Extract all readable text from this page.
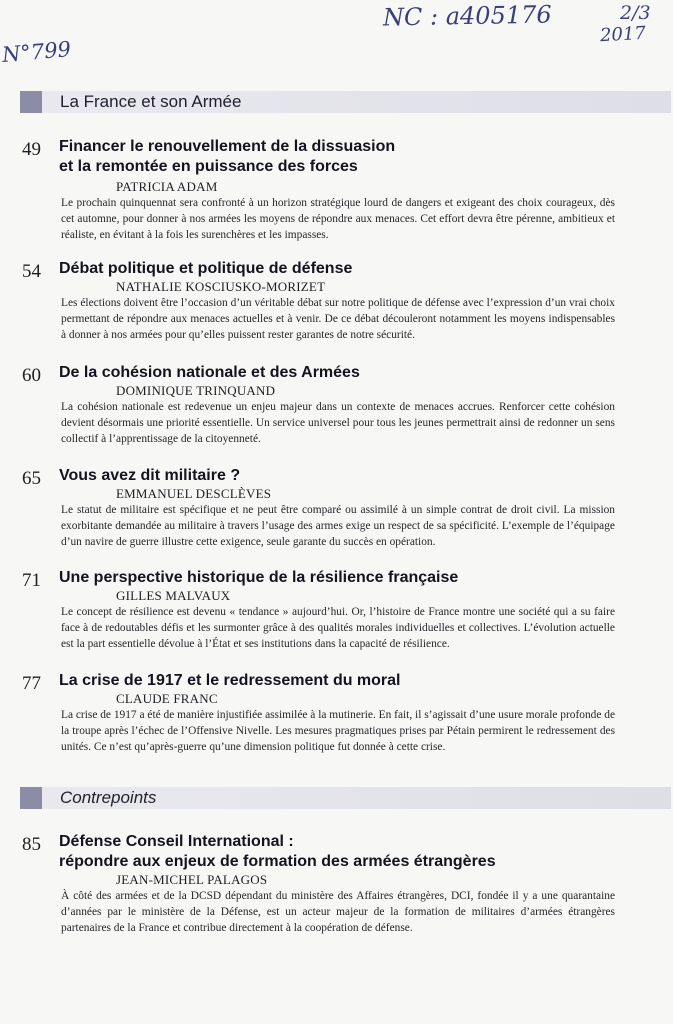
N°799
NC : a405176	2/3
2017
La France et son Armée
49 Financer le renouvellement de la dissuasion
et la remontée en puissance des forces
PATRICIA ADAM
Le prochain quinquennat sera confronté à un horizon stratégique lourd de dangers et exigeant des choix courageux, dès cet automne, pour donner à nos armées les moyens de répondre aux menaces. Cet effort devra être pérenne, ambitieux et réaliste, en évitant à la fois les surenchères et les impasses.
54 Débat politique et politique de défense
NATHALIE KOSCIUSKO-MORIZET
Les élections doivent être l’occasion d’un véritable débat sur notre politique de défense avec l’expression d’un vrai choix permettant de répondre aux menaces actuelles et à venir. De ce débat découleront notamment les moyens indispensables à donner à nos armées pour qu’elles puissent rester garantes de notre sécurité.
60 De la cohésion nationale et des Armées
DOMINIQUE TRINQUAND
La cohésion nationale est redevenue un enjeu majeur dans un contexte de menaces accrues. Renforcer cette cohésion devient désormais une priorité essentielle. Un service universel pour tous les jeunes permettrait ainsi de redonner un sens collectif à l’apprentissage de la citoyenneté.
65 Vous avez dit militaire ?
EMMANUEL DESCLÈVES
Le statut de militaire est spécifique et ne peut être comparé ou assimilé à un simple contrat de droit civil. La mission exorbitante demandée au militaire à travers l’usage des armes exige un respect de sa spécificité. L’exemple de l’équipage d’un navire de guerre illustre cette exigence, seule garante du succès en opération.
71 Une perspective historique de la résilience française
GILLES MALVAUX
Le concept de résilience est devenu « tendance » aujourd’hui. Or, l’histoire de France montre une société qui a su faire face à de redoutables défis et les surmonter grâce à des qualités morales individuelles et collectives. L’évolution actuelle est la part essentielle dévolue à l’État et ses institutions dans la capacité de résilience.
77 La crise de 1917 et le redressement du moral
CLAUDE FRANC
La crise de 1917 a été de manière injustifiée assimilée à la mutinerie. En fait, il s’agissait d’une usure morale profonde de la troupe après l’échec de l’Offensive Nivelle. Les mesures pragmatiques prises par Pétain permirent le redressement des unités. Ce n’est qu’après-guerre qu’une dimension politique fut donnée à cette crise.
Contrepoints
85 Défense Conseil International :
répondre aux enjeux de formation des armées étrangères
JEAN-MICHEL PALAGOS
À côté des armées et de la DCSD dépendant du ministère des Affaires étrangères, DCI, fondée il y a une quarantaine d’années par le ministère de la Défense, est un acteur majeur de la formation de militaires d’armées étrangères partenaires de la France et contribue directement à la coopération de défense.
